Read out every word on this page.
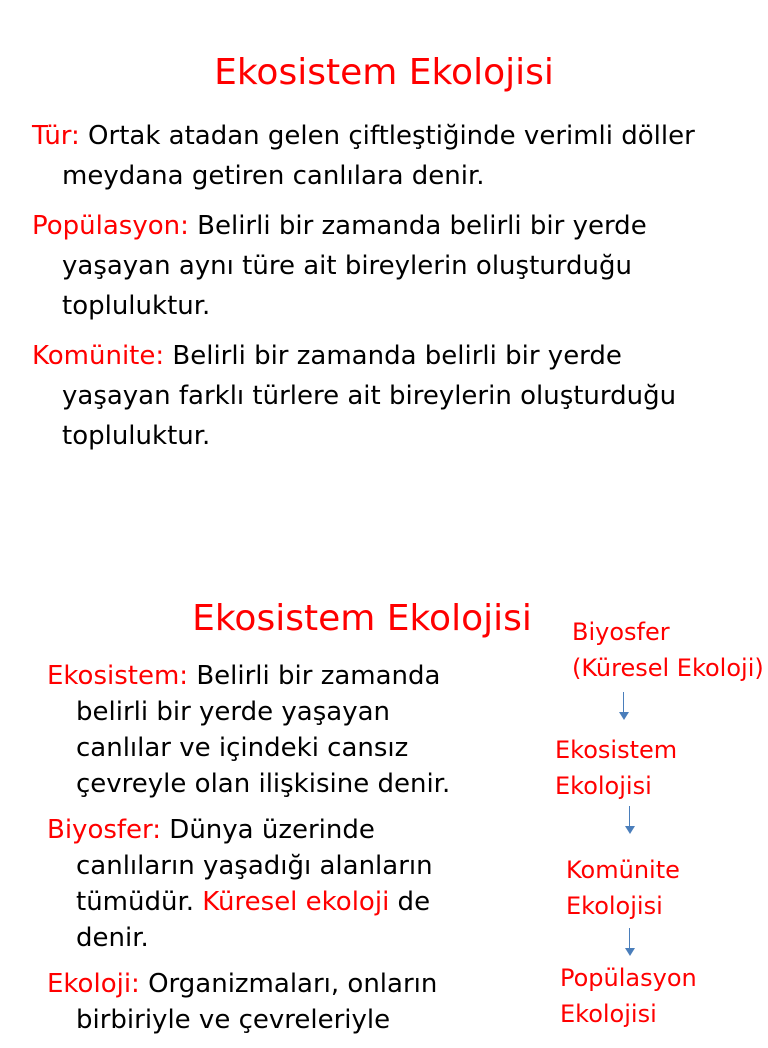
Ekosistem Ekolojisi
Tür: Ortak atadan gelen çiftleştiğinde verimli döller meydana getiren canlılara denir.
Popülasyon: Belirli bir zamanda belirli bir yerde yaşayan aynı türe ait bireylerin oluşturduğu topluluktur.
Komünite: Belirli bir zamanda belirli bir yerde yaşayan farklı türlere ait bireylerin oluşturduğu topluluktur.
Ekosistem Ekolojisi
Ekosistem: Belirli bir zamanda belirli bir yerde yaşayan canlılar ve içindeki cansız çevreyle olan ilişkisine denir.
Biyosfer: Dünya üzerinde canlıların yaşadığı alanların tümüdür. Küresel ekoloji de denir.
Ekoloji: Organizmaları, onların birbiriyle ve çevreleriyle
Biyosfer
(Küresel Ekoloji)
Ekosistem
Ekolojisi
Komünite
Ekolojisi
Popülasyon
Ekolojisi
